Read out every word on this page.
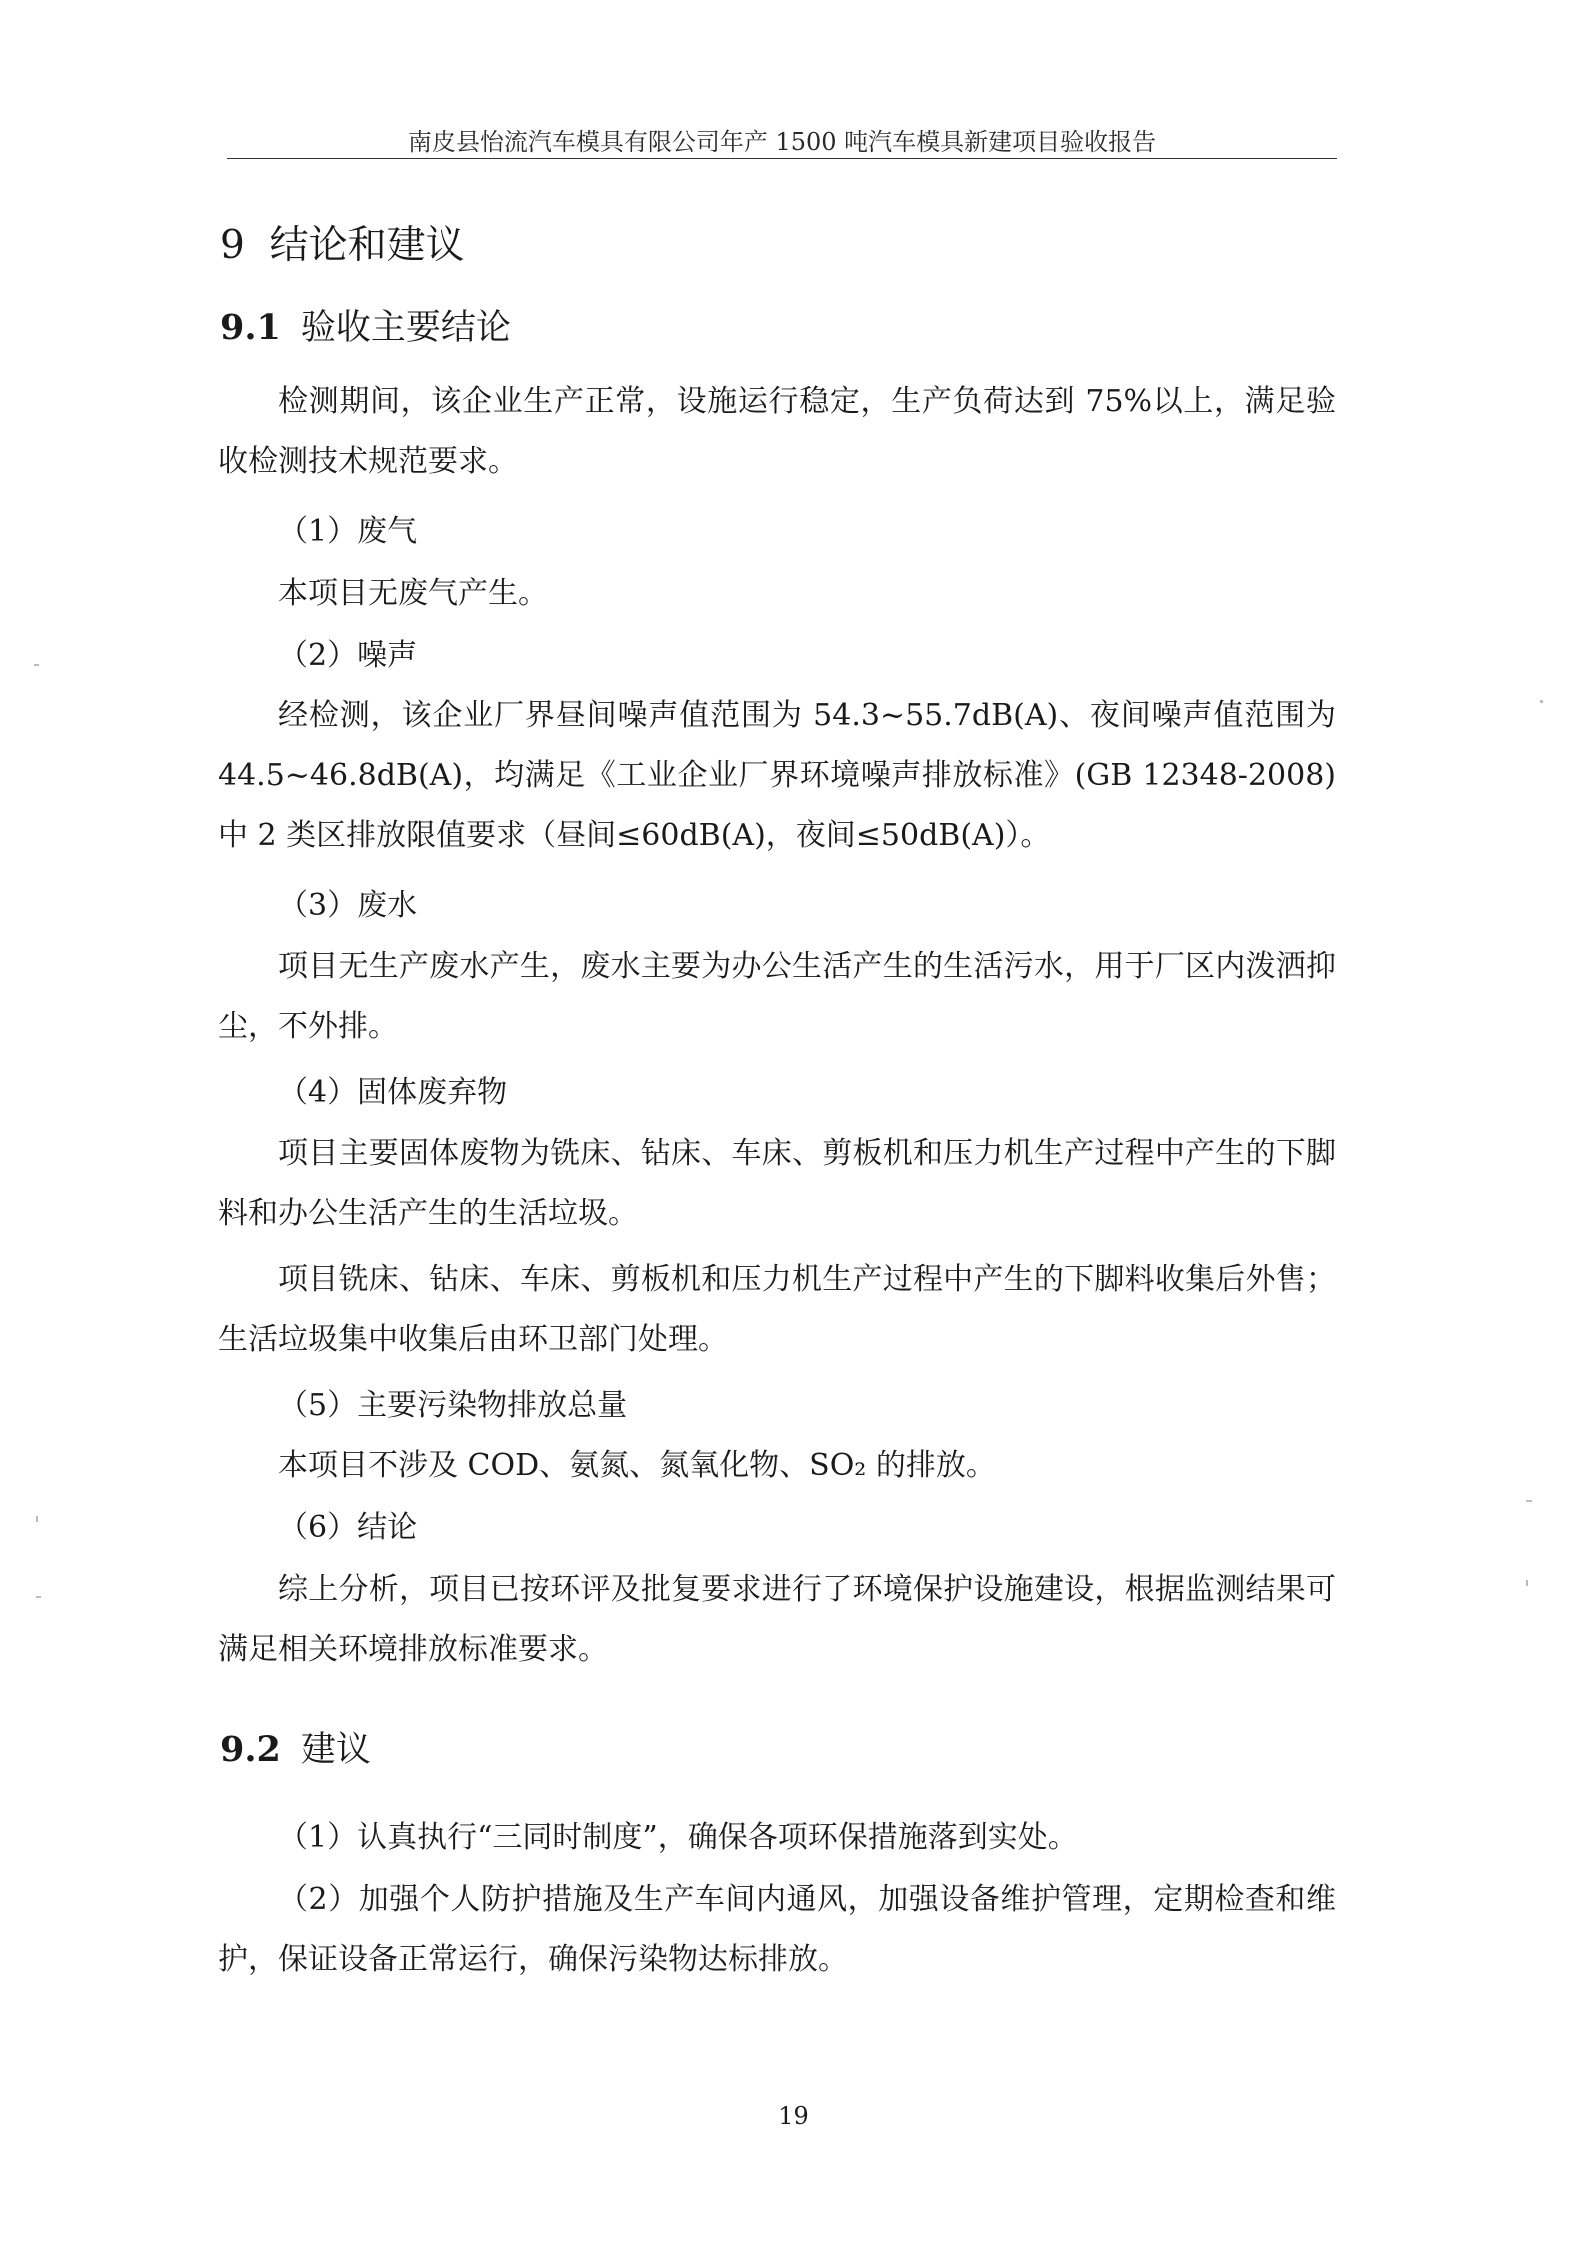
南皮县怡流汽车模具有限公司年产 1500 吨汽车模具新建项目验收报告
9 结论和建议
9.1 验收主要结论

检测期间，该企业生产正常，设施运行稳定，生产负荷达到 75%以上，满足验收检测技术规范要求。

（1）废气

本项目无废气产生。

（2）噪声

经检测，该企业厂界昼间噪声值范围为 54.3~55.7dB(A)、夜间噪声值范围为 44.5~46.8dB(A)，均满足《工业企业厂界环境噪声排放标准》(GB 12348-2008) 中 2 类区排放限值要求（昼间≤60dB(A)，夜间≤50dB(A)）。

（3）废水

项目无生产废水产生，废水主要为办公生活产生的生活污水，用于厂区内泼洒抑尘，不外排。

（4）固体废弃物

项目主要固体废物为铣床、钻床、车床、剪板机和压力机生产过程中产生的下脚料和办公生活产生的生活垃圾。

项目铣床、钻床、车床、剪板机和压力机生产过程中产生的下脚料收集后外售；生活垃圾集中收集后由环卫部门处理。

（5）主要污染物排放总量

本项目不涉及 COD、氨氮、氮氧化物、SO₂ 的排放。

（6）结论

综上分析，项目已按环评及批复要求进行了环境保护设施建设，根据监测结果可满足相关环境排放标准要求。

9.2 建议

（1）认真执行“三同时制度”，确保各项环保措施落到实处。

（2）加强个人防护措施及生产车间内通风，加强设备维护管理，定期检查和维护，保证设备正常运行，确保污染物达标排放。

19
